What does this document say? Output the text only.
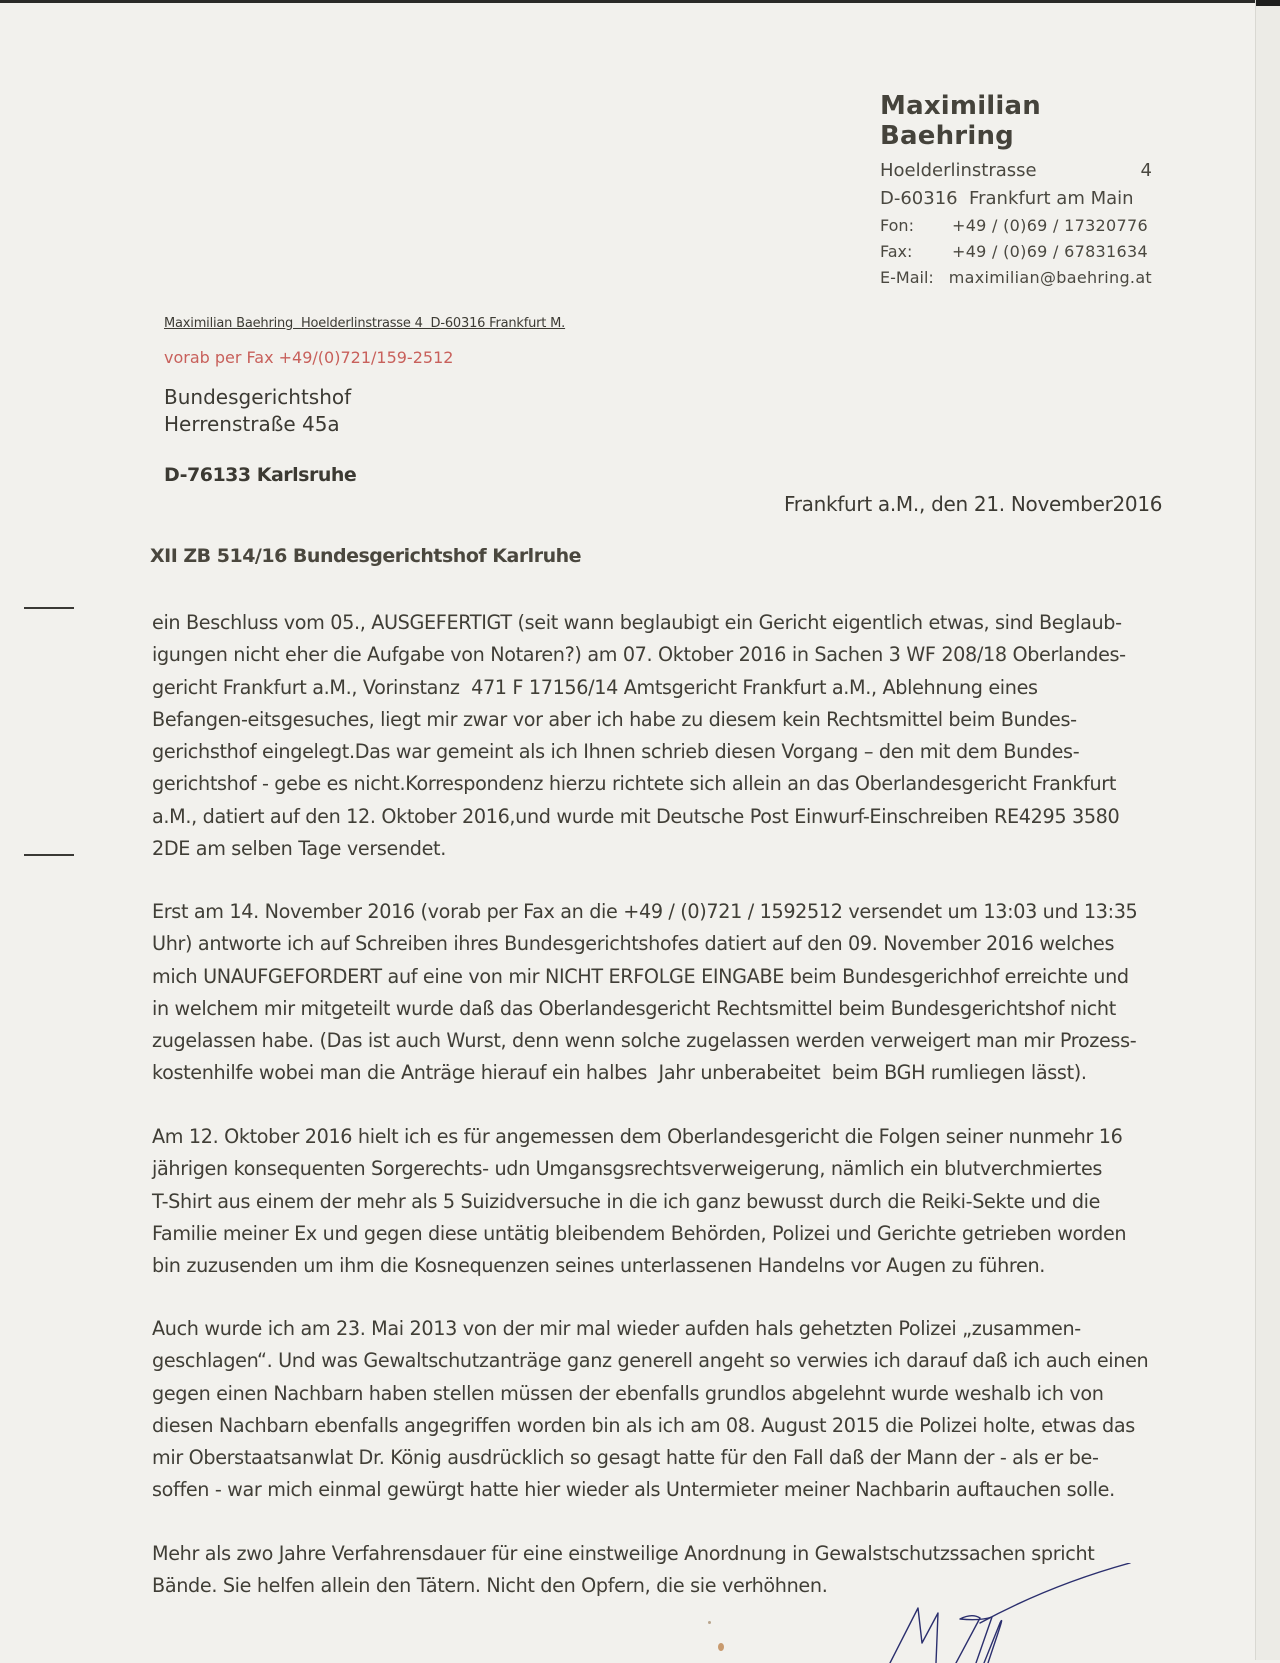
Maximilian Baehring
Hoelderlinstrasse	4
D-60316  Frankfurt am Main
Fon:	+49 / (0)69 / 17320776
Fax:	+49 / (0)69 / 67831634
E-Mail: maximilian@baehring.at
Maximilian Baehring  Hoelderlinstrasse 4  D-60316 Frankfurt M.
vorab per Fax +49/(0)721/159-2512
Bundesgerichtshof
Herrenstraße 45a
D-76133 Karlsruhe
Frankfurt a.M., den 21. November2016
XII ZB 514/16 Bundesgerichtshof Karlruhe
ein Beschluss vom 05., AUSGEFERTIGT (seit wann beglaubigt ein Gericht eigentlich etwas, sind Beglaub-
igungen nicht eher die Aufgabe von Notaren?) am 07. Oktober 2016 in Sachen 3 WF 208/18 Oberlandes-
gericht Frankfurt a.M., Vorinstanz  471 F 17156/14 Amtsgericht Frankfurt a.M., Ablehnung eines
Befangen-eitsgesuches, liegt mir zwar vor aber ich habe zu diesem kein Rechtsmittel beim Bundes-
gerichsthof eingelegt.Das war gemeint als ich Ihnen schrieb diesen Vorgang – den mit dem Bundes-
gerichtshof - gebe es nicht.Korrespondenz hierzu richtete sich allein an das Oberlandesgericht Frankfurt
a.M., datiert auf den 12. Oktober 2016,und wurde mit Deutsche Post Einwurf-Einschreiben RE4295 3580
2DE am selben Tage versendet.
Erst am 14. November 2016 (vorab per Fax an die +49 / (0)721 / 1592512 versendet um 13:03 und 13:35
Uhr) antworte ich auf Schreiben ihres Bundesgerichtshofes datiert auf den 09. November 2016 welches
mich UNAUFGEFORDERT auf eine von mir NICHT ERFOLGE EINGABE beim Bundesgerichhof erreichte und
in welchem mir mitgeteilt wurde daß das Oberlandesgericht Rechtsmittel beim Bundesgerichtshof nicht
zugelassen habe. (Das ist auch Wurst, denn wenn solche zugelassen werden verweigert man mir Prozess-
kostenhilfe wobei man die Anträge hierauf ein halbes  Jahr unberabeitet  beim BGH rumliegen lässt).
Am 12. Oktober 2016 hielt ich es für angemessen dem Oberlandesgericht die Folgen seiner nunmehr 16
jährigen konsequenten Sorgerechts- udn Umgansgsrechtsverweigerung, nämlich ein blutverchmiertes
T-Shirt aus einem der mehr als 5 Suizidversuche in die ich ganz bewusst durch die Reiki-Sekte und die
Familie meiner Ex und gegen diese untätig bleibendem Behörden, Polizei und Gerichte getrieben worden
bin zuzusenden um ihm die Kosnequenzen seines unterlassenen Handelns vor Augen zu führen.
Auch wurde ich am 23. Mai 2013 von der mir mal wieder aufden hals gehetzten Polizei „zusammen-
geschlagen“. Und was Gewaltschutzanträge ganz generell angeht so verwies ich darauf daß ich auch einen
gegen einen Nachbarn haben stellen müssen der ebenfalls grundlos abgelehnt wurde weshalb ich von
diesen Nachbarn ebenfalls angegriffen worden bin als ich am 08. August 2015 die Polizei holte, etwas das
mir Oberstaatsanwlat Dr. König ausdrücklich so gesagt hatte für den Fall daß der Mann der - als er be-
soffen - war mich einmal gewürgt hatte hier wieder als Untermieter meiner Nachbarin auftauchen solle.
Mehr als zwo Jahre Verfahrensdauer für eine einstweilige Anordnung in Gewalstschutzssachen spricht
Bände. Sie helfen allein den Tätern. Nicht den Opfern, die sie verhöhnen.
